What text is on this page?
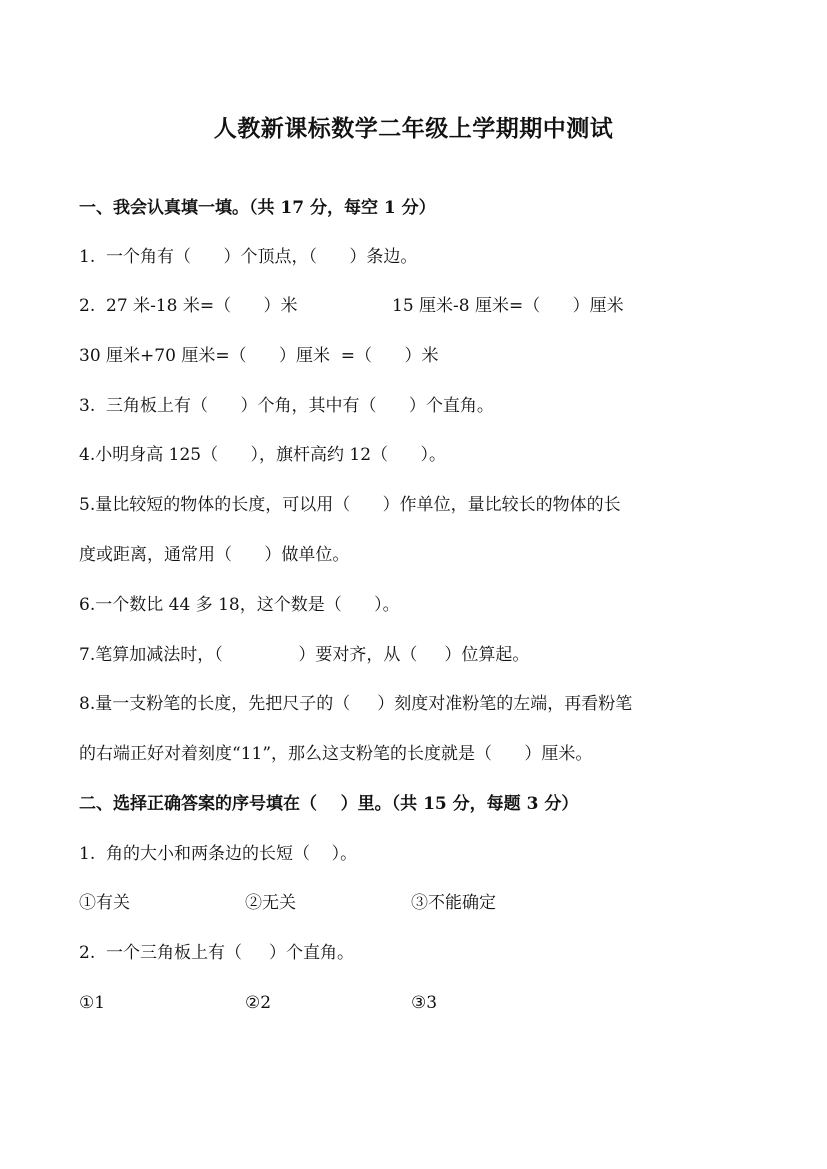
人教新课标数学二年级上学期期中测试
一、我会认真填一填。（共 17 分，每空 1 分）
1.  一个角有（      ）个顶点，（      ）条边。
2.  27 米-18 米=（      ）米	15 厘米-8 厘米=（      ）厘米
30 厘米+70 厘米=（      ）厘米  =（      ）米
3.  三角板上有（      ）个角，其中有（      ）个直角。
4.小明身高 125（      ），旗杆高约 12（      ）。
5.量比较短的物体的长度，可以用（      ）作单位，量比较长的物体的长
度或距离，通常用（      ）做单位。
6.一个数比 44 多 18，这个数是（      ）。
7.笔算加减法时，（              ）要对齐，从（     ）位算起。
8.量一支粉笔的长度，先把尺子的（     ）刻度对准粉笔的左端，再看粉笔
的右端正好对着刻度“11”，那么这支粉笔的长度就是（      ）厘米。
二、选择正确答案的序号填在（    ）里。（共 15 分，每题 3 分）
1.  角的大小和两条边的长短（    ）。
①有关	②无关	③不能确定
2.  一个三角板上有（     ）个直角。
①1	②2	③3
